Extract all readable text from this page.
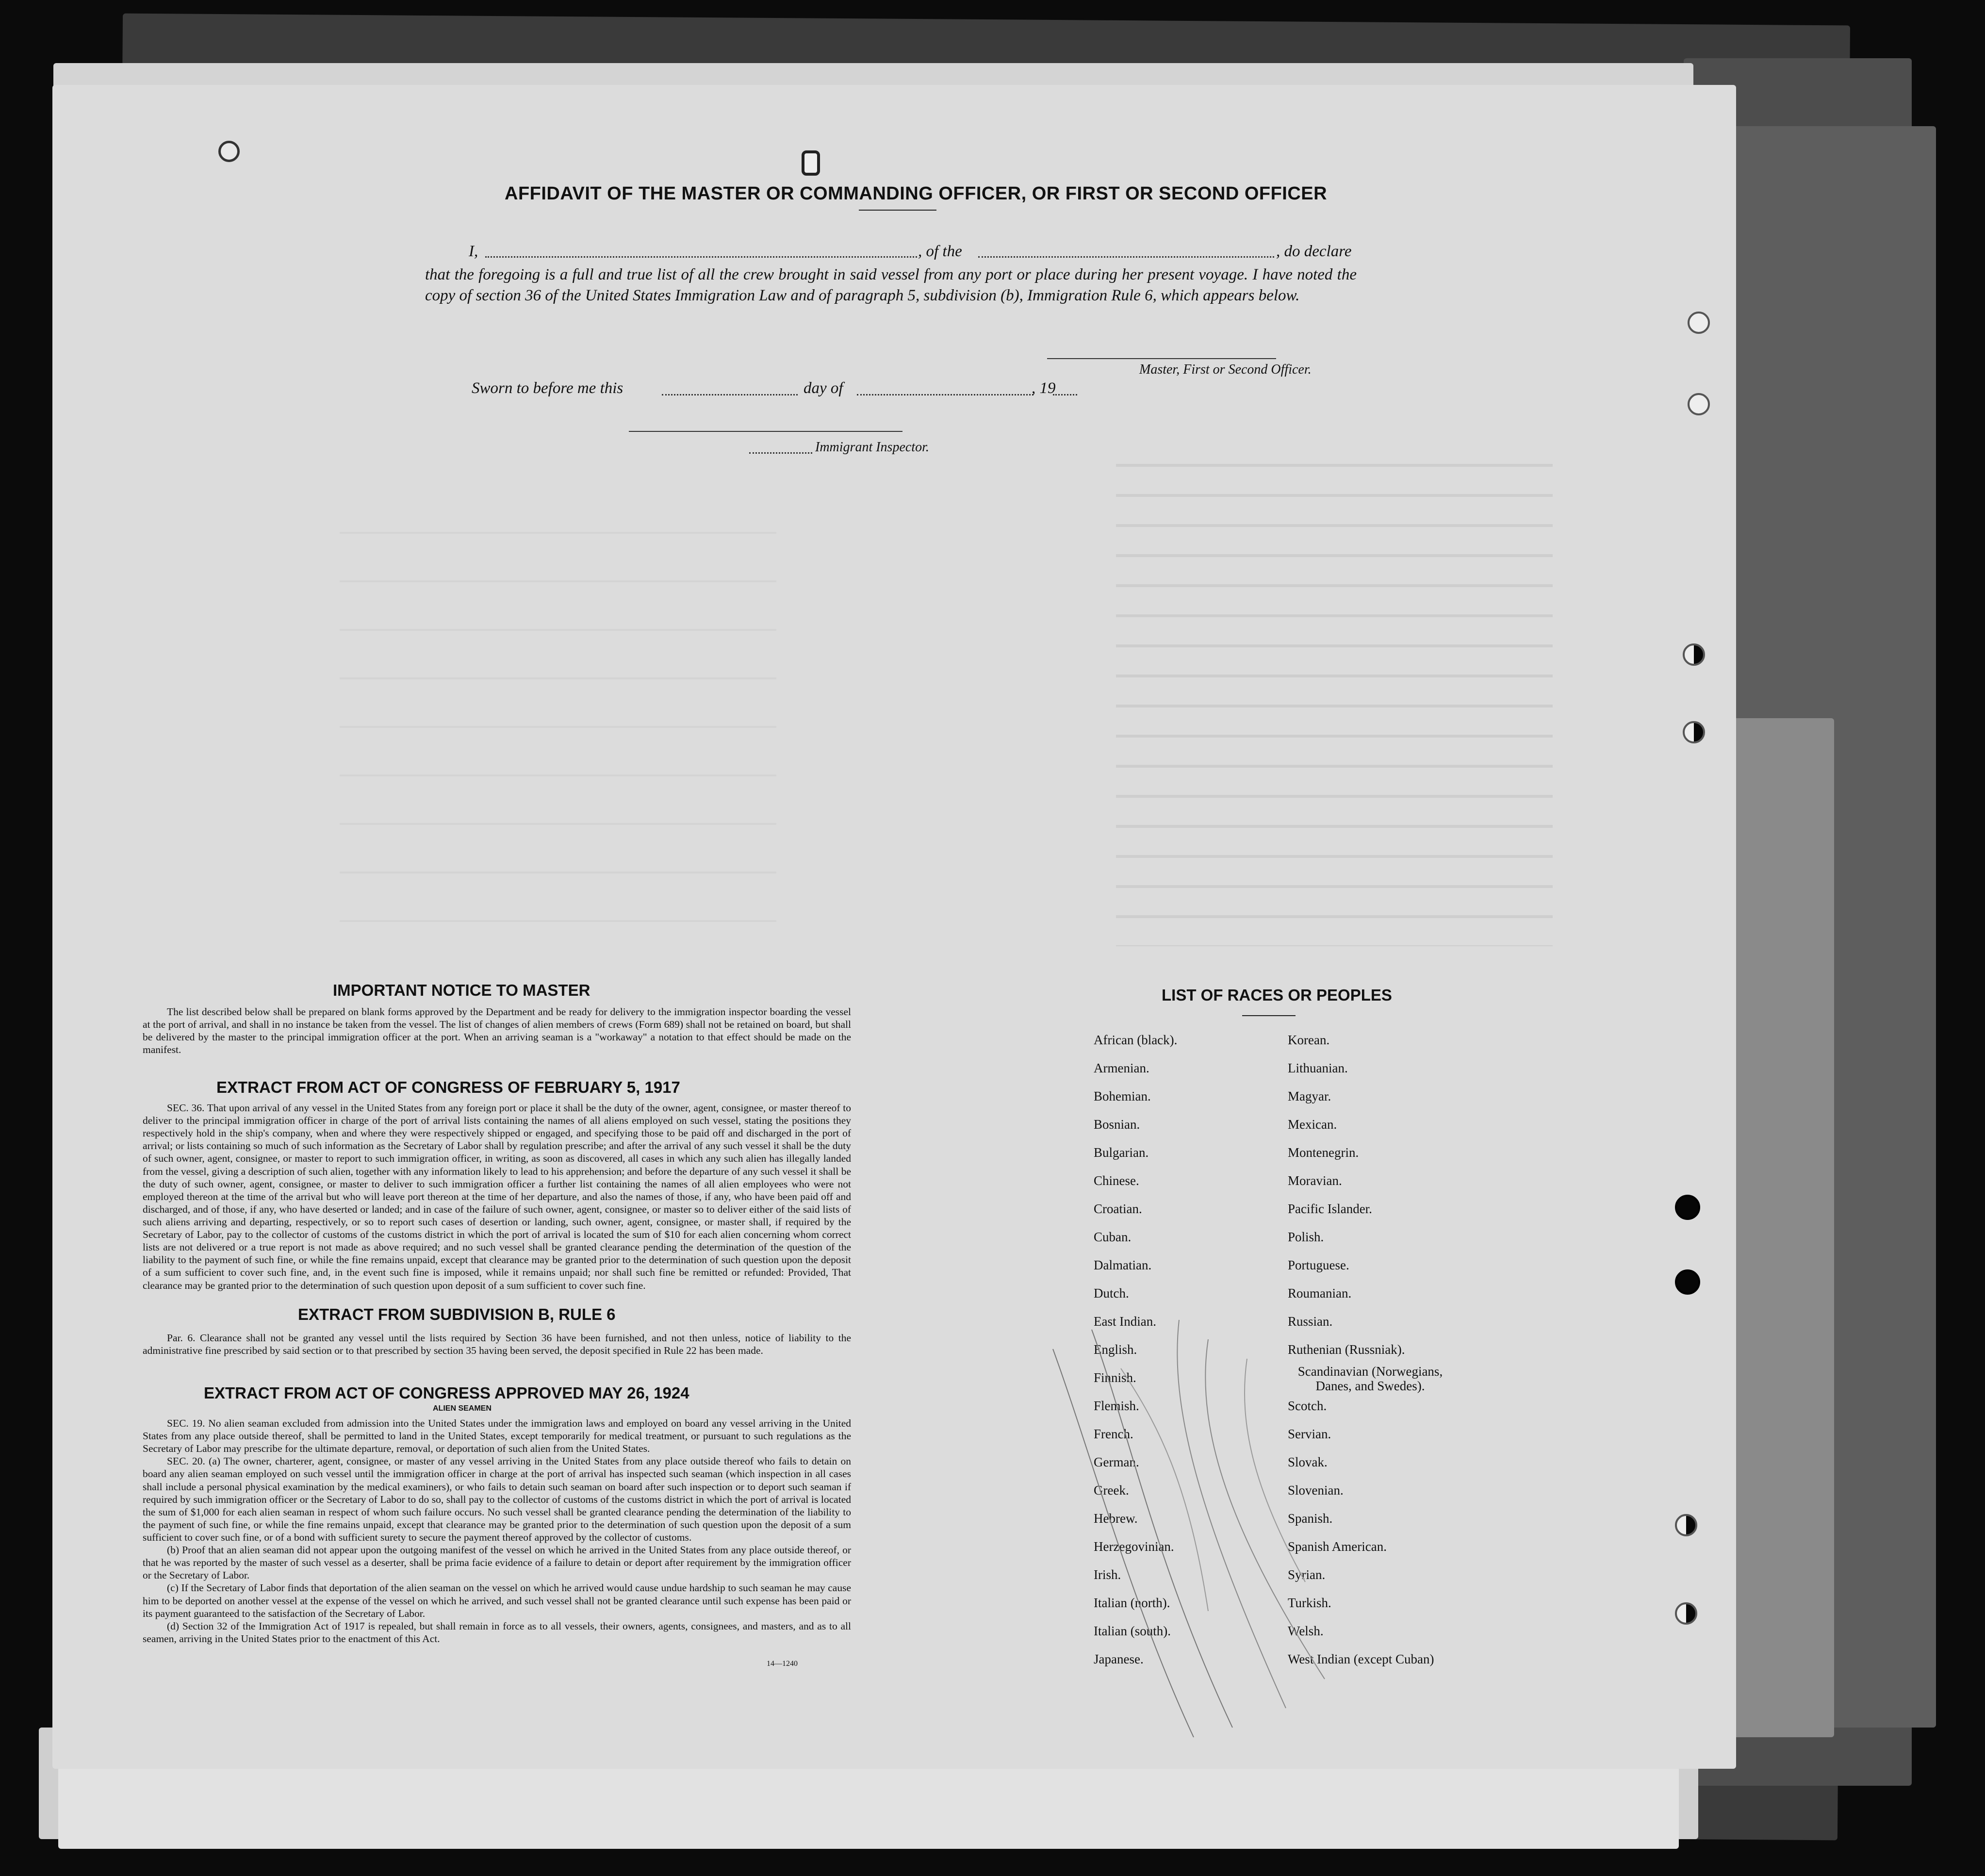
AFFIDAVIT OF THE MASTER OR COMMANDING OFFICER, OR FIRST OR SECOND OFFICER
I,	, of the	, do declare
that the foregoing is a full and true list of all the crew brought in said vessel from any port or place during her present voyage. I have noted the copy of section 36 of the United States Immigration Law and of paragraph 5, subdivision (b), Immigration Rule 6, which appears below.
Master, First or Second Officer.
Sworn to before me this	day of	, 19
Immigrant Inspector.
IMPORTANT NOTICE TO MASTER

The list described below shall be prepared on blank forms approved by the Department and be ready for delivery to the immigration inspector boarding the vessel at the port of arrival, and shall in no instance be taken from the vessel. The list of changes of alien members of crews (Form 689) shall not be retained on board, but shall be delivered by the master to the principal immigration officer at the port. When an arriving seaman is a "workaway" a notation to that effect should be made on the manifest.

EXTRACT FROM ACT OF CONGRESS OF FEBRUARY 5, 1917

SEC. 36. That upon arrival of any vessel in the United States from any foreign port or place it shall be the duty of the owner, agent, consignee, or master thereof to deliver to the principal immigration officer in charge of the port of arrival lists containing the names of all aliens employed on such vessel, stating the positions they respectively hold in the ship's company, when and where they were respectively shipped or engaged, and specifying those to be paid off and discharged in the port of arrival; or lists containing so much of such information as the Secretary of Labor shall by regulation prescribe; and after the arrival of any such vessel it shall be the duty of such owner, agent, consignee, or master to report to such immigration officer, in writing, as soon as discovered, all cases in which any such alien has illegally landed from the vessel, giving a description of such alien, together with any information likely to lead to his apprehension; and before the departure of any such vessel it shall be the duty of such owner, agent, consignee, or master to deliver to such immigration officer a further list containing the names of all alien employees who were not employed thereon at the time of the arrival but who will leave port thereon at the time of her departure, and also the names of those, if any, who have been paid off and discharged, and of those, if any, who have deserted or landed; and in case of the failure of such owner, agent, consignee, or master so to deliver either of the said lists of such aliens arriving and departing, respectively, or so to report such cases of desertion or landing, such owner, agent, consignee, or master shall, if required by the Secretary of Labor, pay to the collector of customs of the customs district in which the port of arrival is located the sum of $10 for each alien concerning whom correct lists are not delivered or a true report is not made as above required; and no such vessel shall be granted clearance pending the determination of the question of the liability to the payment of such fine, or while the fine remains unpaid, except that clearance may be granted prior to the determination of such question upon the deposit of a sum sufficient to cover such fine, and, in the event such fine is imposed, while it remains unpaid; nor shall such fine be remitted or refunded: Provided, That clearance may be granted prior to the determination of such question upon deposit of a sum sufficient to cover such fine.

EXTRACT FROM SUBDIVISION B, RULE 6

Par. 6. Clearance shall not be granted any vessel until the lists required by Section 36 have been furnished, and not then unless, notice of liability to the administrative fine prescribed by said section or to that prescribed by section 35 having been served, the deposit specified in Rule 22 has been made.

EXTRACT FROM ACT OF CONGRESS APPROVED MAY 26, 1924
ALIEN SEAMEN

SEC. 19. No alien seaman excluded from admission into the United States under the immigration laws and employed on board any vessel arriving in the United States from any place outside thereof, shall be permitted to land in the United States, except temporarily for medical treatment, or pursuant to such regulations as the Secretary of Labor may prescribe for the ultimate departure, removal, or deportation of such alien from the United States.

SEC. 20. (a) The owner, charterer, agent, consignee, or master of any vessel arriving in the United States from any place outside thereof who fails to detain on board any alien seaman employed on such vessel until the immigration officer in charge at the port of arrival has inspected such seaman (which inspection in all cases shall include a personal physical examination by the medical examiners), or who fails to detain such seaman on board after such inspection or to deport such seaman if required by such immigration officer or the Secretary of Labor to do so, shall pay to the collector of customs of the customs district in which the port of arrival is located the sum of $1,000 for each alien seaman in respect of whom such failure occurs. No such vessel shall be granted clearance pending the determination of the liability to the payment of such fine, or while the fine remains unpaid, except that clearance may be granted prior to the determination of such question upon the deposit of a sum sufficient to cover such fine, or of a bond with sufficient surety to secure the payment thereof approved by the collector of customs.

(b) Proof that an alien seaman did not appear upon the outgoing manifest of the vessel on which he arrived in the United States from any place outside thereof, or that he was reported by the master of such vessel as a deserter, shall be prima facie evidence of a failure to detain or deport after requirement by the immigration officer or the Secretary of Labor.

(c) If the Secretary of Labor finds that deportation of the alien seaman on the vessel on which he arrived would cause undue hardship to such seaman he may cause him to be deported on another vessel at the expense of the vessel on which he arrived, and such vessel shall not be granted clearance until such expense has been paid or its payment guaranteed to the satisfaction of the Secretary of Labor.

(d) Section 32 of the Immigration Act of 1917 is repealed, but shall remain in force as to all vessels, their owners, agents, consignees, and masters, and as to all seamen, arriving in the United States prior to the enactment of this Act.

14—1240
LIST OF RACES OR PEOPLES
African (black).
Armenian.
Bohemian.
Bosnian.
Bulgarian.
Chinese.
Croatian.
Cuban.
Dalmatian.
Dutch.
East Indian.
English.
Finnish.
Flemish.
French.
German.
Greek.
Hebrew.
Herzegovinian.
Irish.
Italian (north).
Italian (south).
Japanese.
Korean.
Lithuanian.
Magyar.
Mexican.
Montenegrin.
Moravian.
Pacific Islander.
Polish.
Portuguese.
Roumanian.
Russian.
Ruthenian (Russniak).
Scandinavian (Norwegians, Danes, and Swedes).
Scotch.
Servian.
Slovak.
Slovenian.
Spanish.
Spanish American.
Syrian.
Turkish.
Welsh.
West Indian (except Cuban)
